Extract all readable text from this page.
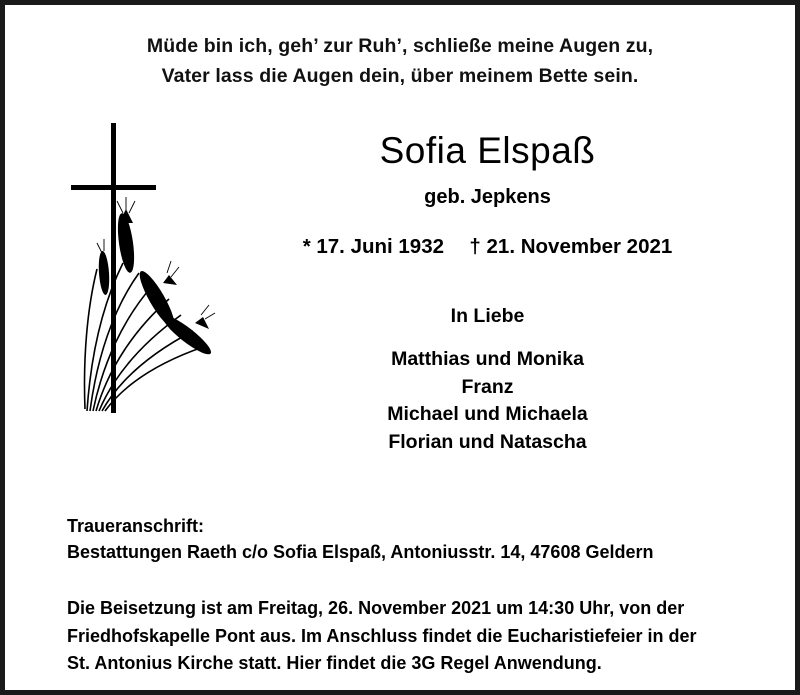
Müde bin ich, geh’ zur Ruh’, schließe meine Augen zu,
Vater lass die Augen dein, über meinem Bette sein.
Sofia Elspaß
geb. Jepkens
* 17. Juni 1932 † 21. November 2021
In Liebe
Matthias und Monika
Franz
Michael und Michaela
Florian und Natascha
Traueranschrift:
Bestattungen Raeth c/o Sofia Elspaß, Antoniusstr. 14, 47608 Geldern
Die Beisetzung ist am Freitag, 26. November 2021 um 14:30 Uhr, von der
Friedhofskapelle Pont aus. Im Anschluss findet die Eucharistiefeier in der
St. Antonius Kirche statt. Hier findet die 3G Regel Anwendung.
